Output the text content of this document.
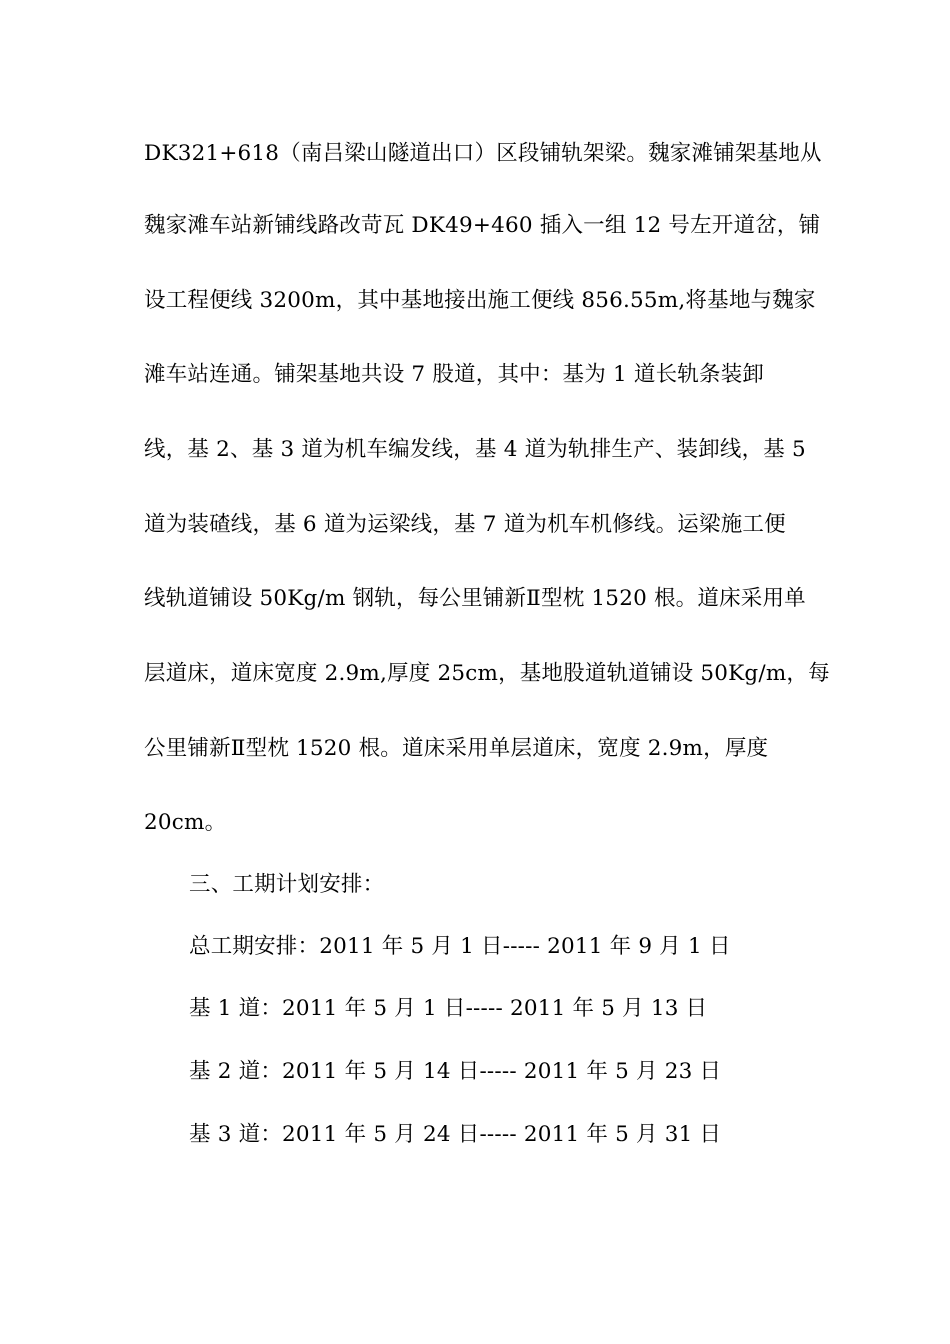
DK321+618（南吕梁山隧道出口）区段铺轨架梁。魏家滩铺架基地从
魏家滩车站新铺线路改苛瓦 DK49+460 插入一组 12 号左开道岔，铺
设工程便线 3200m，其中基地接出施工便线 856.55m,将基地与魏家
滩车站连通。铺架基地共设 7 股道，其中：基为 1 道长轨条装卸
线，基 2、基 3 道为机车编发线，基 4 道为轨排生产、装卸线，基 5
道为装碴线，基 6 道为运梁线，基 7 道为机车机修线。运梁施工便
线轨道铺设 50Kg/m 钢轨，每公里铺新Ⅱ型枕 1520 根。道床采用单
层道床，道床宽度 2.9m,厚度 25cm，基地股道轨道铺设 50Kg/m，每
公里铺新Ⅱ型枕 1520 根。道床采用单层道床，宽度 2.9m，厚度
20cm。
三、工期计划安排：
总工期安排：2011 年 5 月 1 日----- 2011 年 9 月 1 日
基 1 道：2011 年 5 月 1 日----- 2011 年 5 月 13 日
基 2 道：2011 年 5 月 14 日----- 2011 年 5 月 23 日
基 3 道：2011 年 5 月 24 日----- 2011 年 5 月 31 日
